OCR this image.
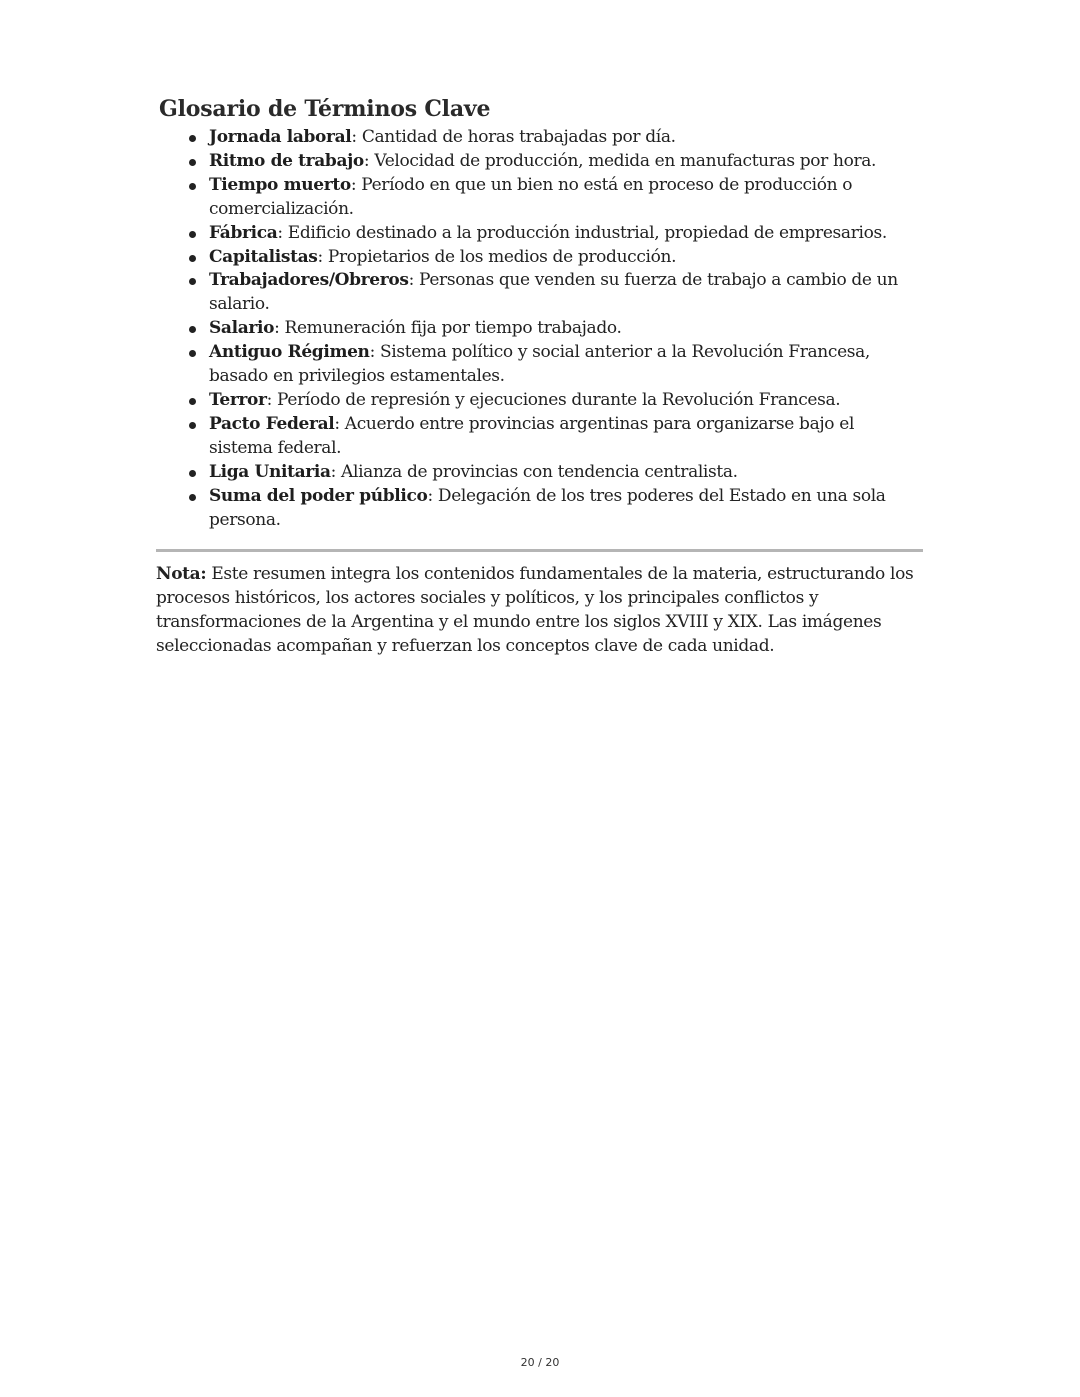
Glosario de Términos Clave
Jornada laboral: Cantidad de horas trabajadas por día.
Ritmo de trabajo: Velocidad de producción, medida en manufacturas por hora.
Tiempo muerto: Período en que un bien no está en proceso de producción o comercialización.
Fábrica: Edificio destinado a la producción industrial, propiedad de empresarios.
Capitalistas: Propietarios de los medios de producción.
Trabajadores/Obreros: Personas que venden su fuerza de trabajo a cambio de un salario.
Salario: Remuneración fija por tiempo trabajado.
Antiguo Régimen: Sistema político y social anterior a la Revolución Francesa, basado en privilegios estamentales.
Terror: Período de represión y ejecuciones durante la Revolución Francesa.
Pacto Federal: Acuerdo entre provincias argentinas para organizarse bajo el sistema federal.
Liga Unitaria: Alianza de provincias con tendencia centralista.
Suma del poder público: Delegación de los tres poderes del Estado en una sola persona.

Nota: Este resumen integra los contenidos fundamentales de la materia, estructurando los procesos históricos, los actores sociales y políticos, y los principales conflictos y transformaciones de la Argentina y el mundo entre los siglos XVIII y XIX. Las imágenes seleccionadas acompañan y refuerzan los conceptos clave de cada unidad.

20 / 20
